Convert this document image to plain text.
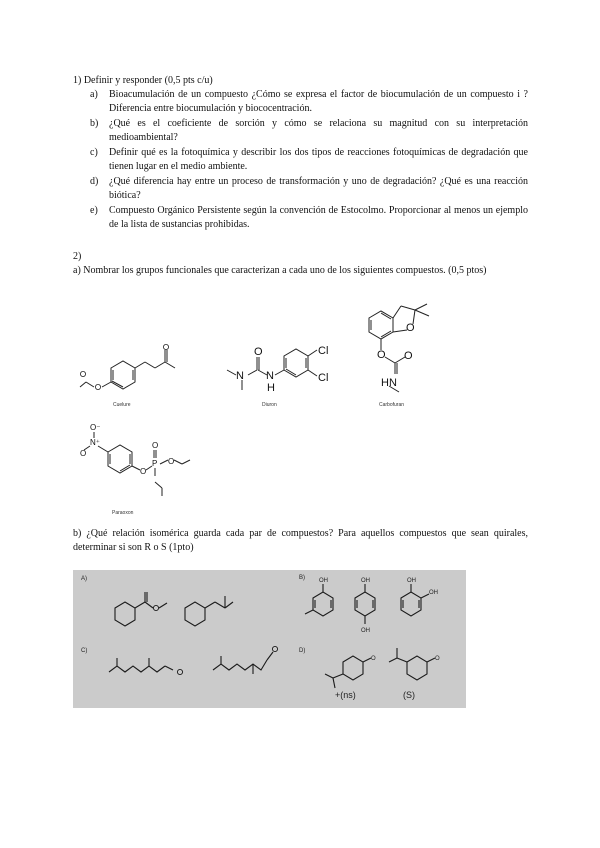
1) Definir y responder (0,5 pts c/u)
a) Bioacumulación de un compuesto ¿Cómo se expresa el factor de biocumulación de un compuesto i ? Diferencia entre biocumulación y biococentración.
b) ¿Qué es el coeficiente de sorción y cómo se relaciona su magnitud con su interpretación medioambiental?
c) Definir qué es la fotoquímica y describir los dos tipos de reacciones fotoquímicas de degradación que tienen lugar en el medio ambiente.
d) ¿Qué diferencia hay entre un proceso de transformación y uno de degradación? ¿Qué es una reacción biótica?
e) Compuesto Orgánico Persistente según la convención de Estocolmo. Proporcionar al menos un ejemplo de la lista de sustancias prohibidas.
2)
a) Nombrar los grupos funcionales que caracterizan a cada uno de los siguientes compuestos. (0,5 ptos)
Cuelure
N
O
N
H
Cl
Cl
Diuron
O
O O
HN
Carbofuran
O⁻
N⁺
O
O
P
O
O
Paraoxon
b) ¿Qué relación isomérica guarda cada par de compuestos? Para aquellos compuestos que sean quirales, determinar si son R o S (1pto)
A)	B)
C)	D)
OH	OH	OH
OH
OH
O	O
+(ns)	(S)
